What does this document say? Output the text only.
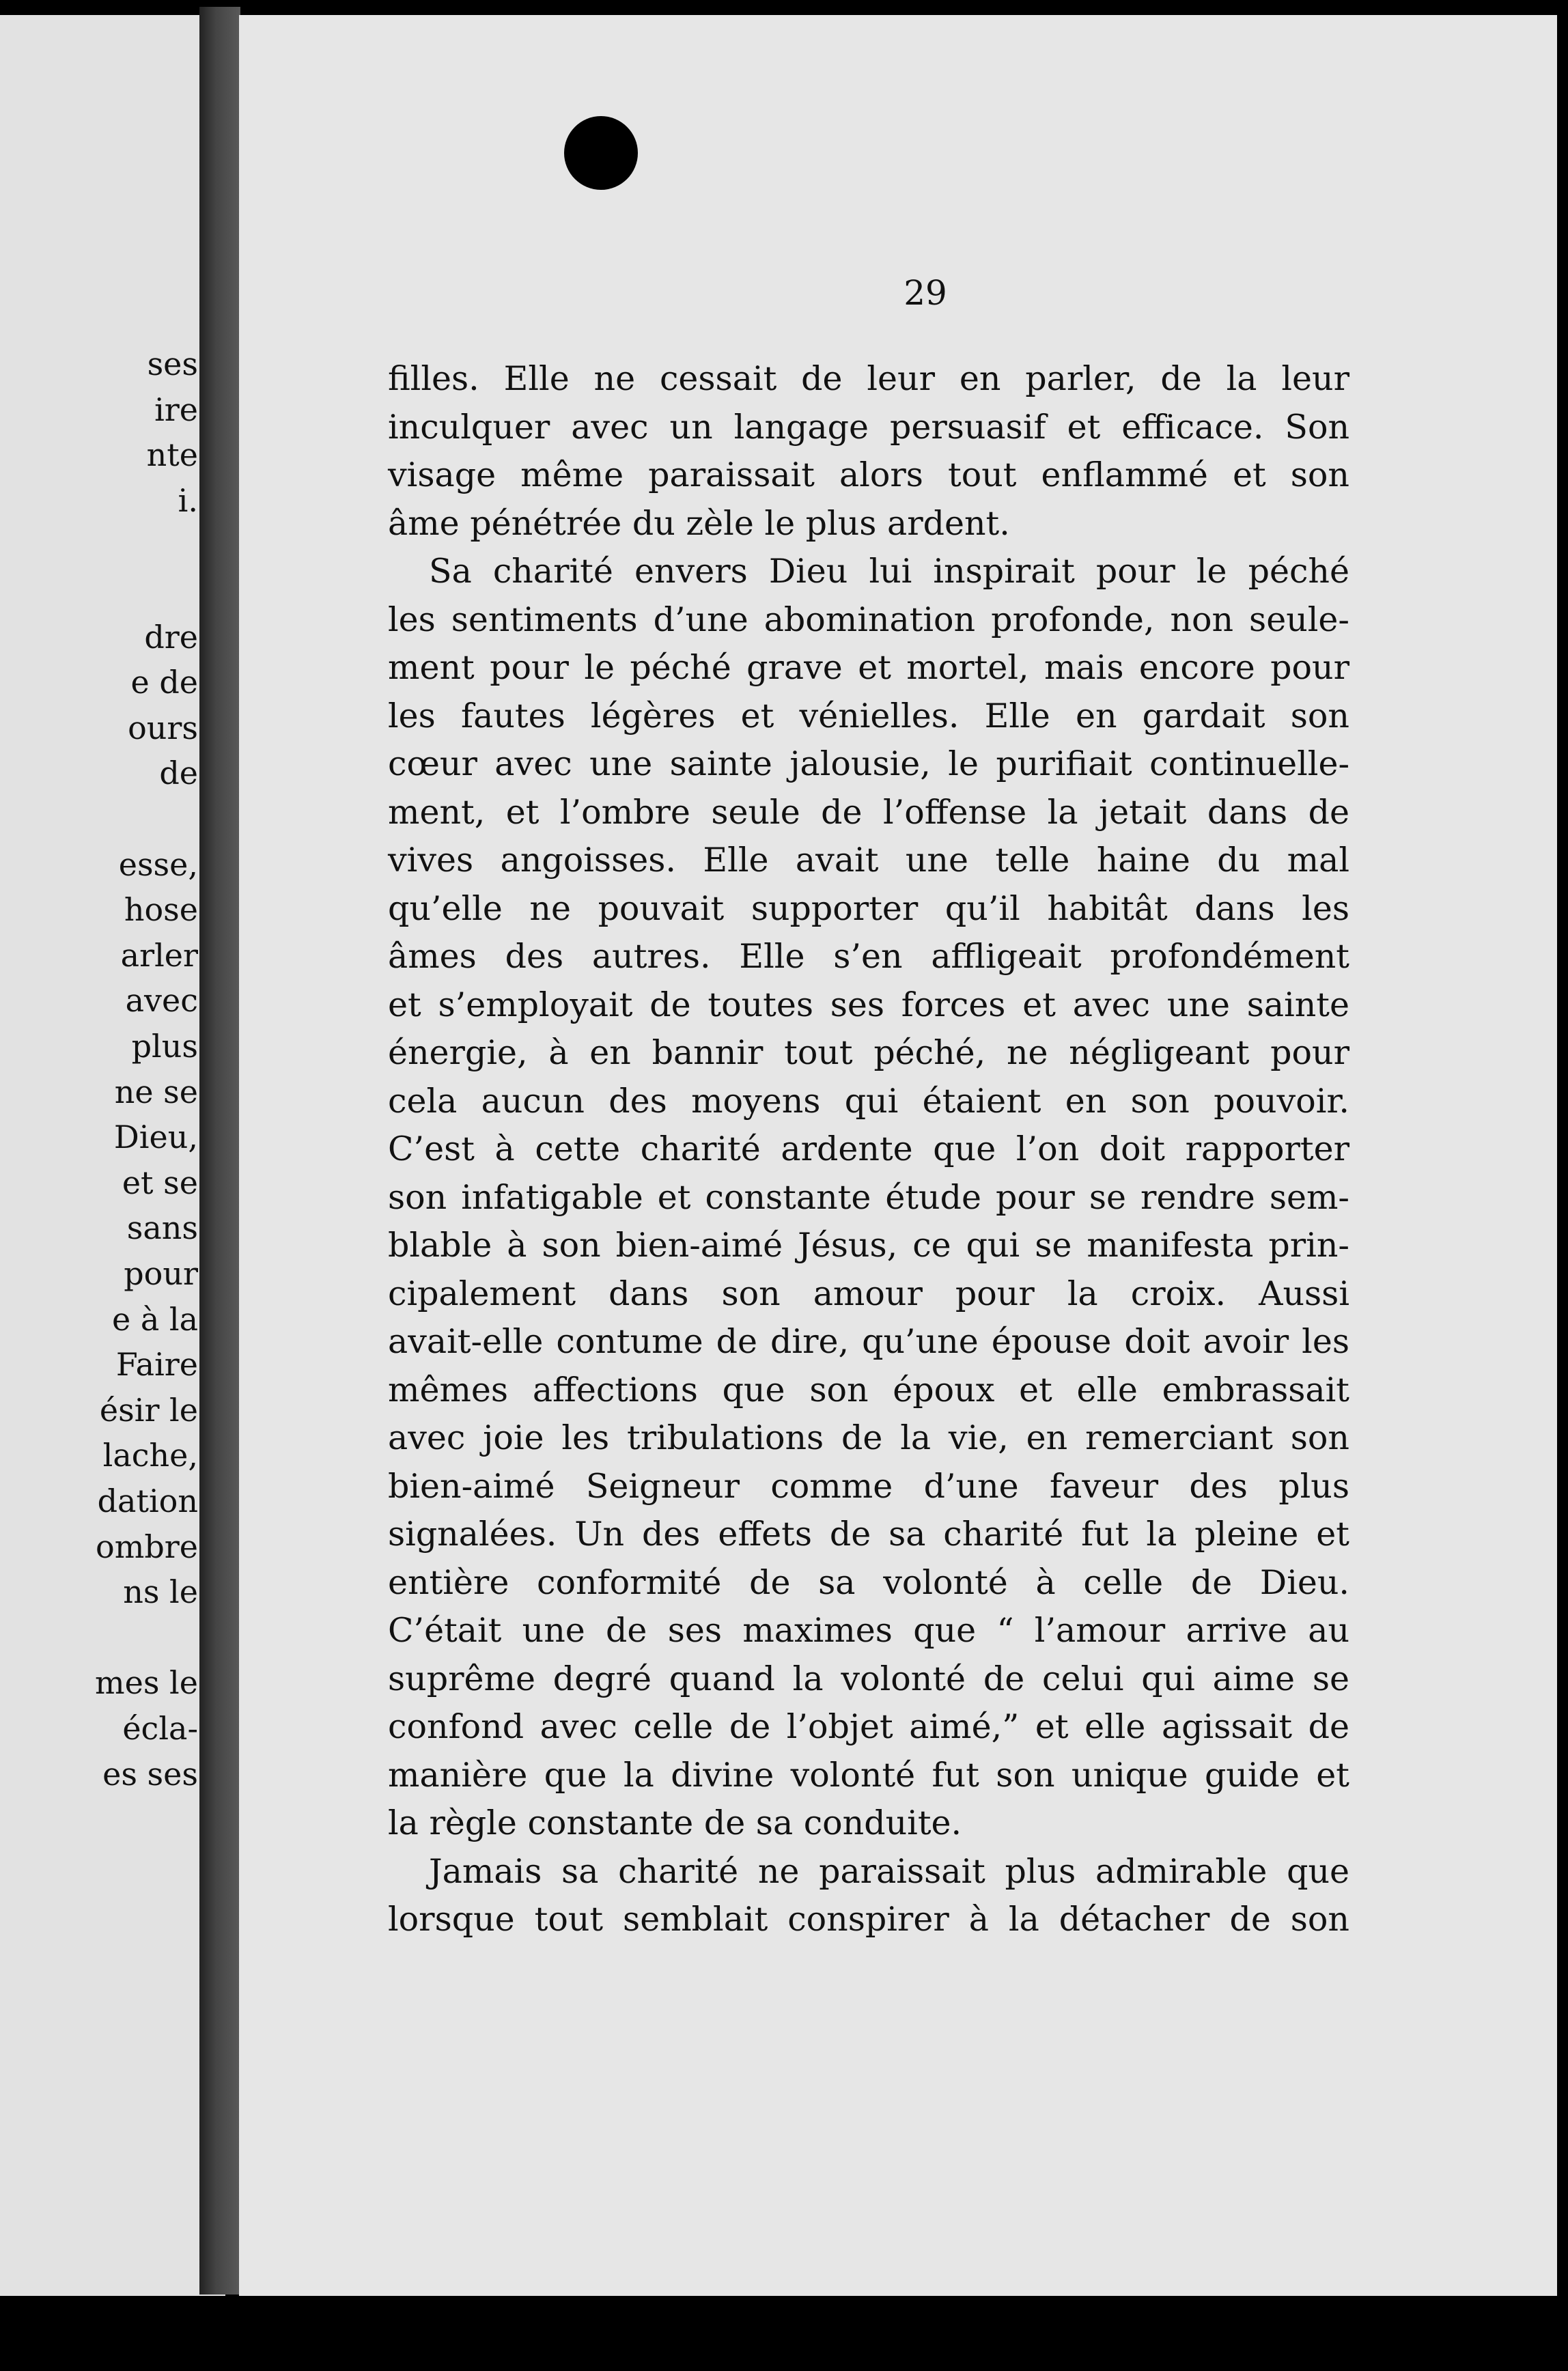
ses
ire
nte
i.
dre
e de
ours
de
esse,
hose
arler
avec
plus
ne se
Dieu,
et se
sans
pour
e à la
Faire
ésir le
lache,
dation
ombre
ns le
mes le
éclа-
es ses
29
filles. Elle ne cessait de leur en parler, de la leur
inculquer avec un langage persuasif et efficace. Son
visage même paraissait alors tout enflammé et son
âme pénétrée du zèle le plus ardent.
Sa charité envers Dieu lui inspirait pour le péché
les sentiments d’une abomination profonde, non seule-
ment pour le péché grave et mortel, mais encore pour
les fautes légères et vénielles. Elle en gardait son
cœur avec une sainte jalousie, le purifiait continuelle-
ment, et l’ombre seule de l’offense la jetait dans de
vives angoisses. Elle avait une telle haine du mal
qu’elle ne pouvait supporter qu’il habitât dans les
âmes des autres. Elle s’en affligeait profondément
et s’employait de toutes ses forces et avec une sainte
énergie, à en bannir tout péché, ne négligeant pour
cela aucun des moyens qui étaient en son pouvoir.
C’est à cette charité ardente que l’on doit rapporter
son infatigable et constante étude pour se rendre sem-
blable à son bien-aimé Jésus, ce qui se manifesta prin-
cipalement dans son amour pour la croix. Aussi
avait-elle contume de dire, qu’une épouse doit avoir les
mêmes affections que son époux et elle embrassait
avec joie les tribulations de la vie, en remerciant son
bien-aimé Seigneur comme d’une faveur des plus
signalées. Un des effets de sa charité fut la pleine et
entière conformité de sa volonté à celle de Dieu.
C’était une de ses maximes que “ l’amour arrive au
suprême degré quand la volonté de celui qui aime se
confond avec celle de l’objet aimé,” et elle agissait de
manière que la divine volonté fut son unique guide et
la règle constante de sa conduite.
Jamais sa charité ne paraissait plus admirable que
lorsque tout semblait conspirer à la détacher de son
